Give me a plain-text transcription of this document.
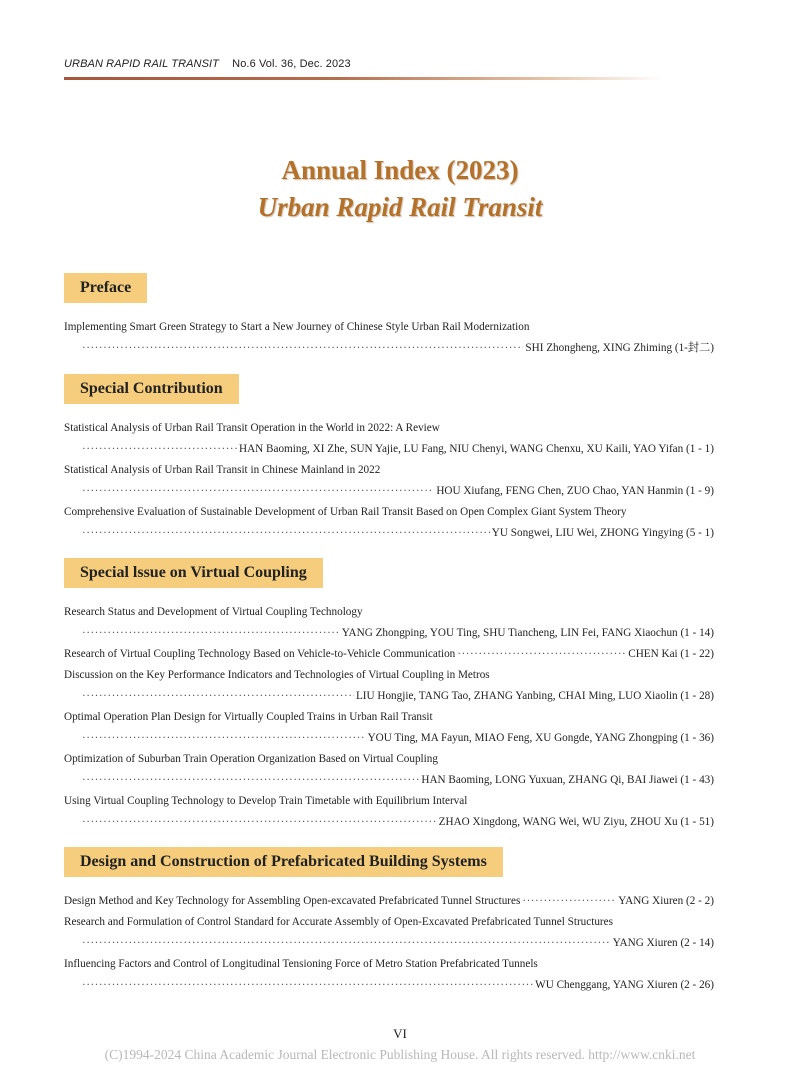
URBAN RAPID RAIL TRANSIT No.6 Vol. 36, Dec. 2023
Annual Index (2023)
Urban Rapid Rail Transit
Preface
Implementing Smart Green Strategy to Start a New Journey of Chinese Style Urban Rail Modernization
·····
SHI Zhongheng, XING Zhiming (1-封二)
Special Contribution
Statistical Analysis of Urban Rail Transit Operation in the World in 2022: A Review
·····
HAN Baoming, XI Zhe, SUN Yajie, LU Fang, NIU Chenyi, WANG Chenxu, XU Kaili, YAO Yifan (1 - 1)
Statistical Analysis of Urban Rail Transit in Chinese Mainland in 2022
·····
HOU Xiufang, FENG Chen, ZUO Chao, YAN Hanmin (1 - 9)
Comprehensive Evaluation of Sustainable Development of Urban Rail Transit Based on Open Complex Giant System Theory
·····
YU Songwei, LIU Wei, ZHONG Yingying (5 - 1)
Special lssue on Virtual Coupling
Research Status and Development of Virtual Coupling Technology
·····
YANG Zhongping, YOU Ting, SHU Tiancheng, LIN Fei, FANG Xiaochun (1 - 14)
Research of Virtual Coupling Technology Based on Vehicle-to-Vehicle Communication ·····	CHEN Kai (1 - 22)
Discussion on the Key Performance Indicators and Technologies of Virtual Coupling in Metros
·····
LIU Hongjie, TANG Tao, ZHANG Yanbing, CHAI Ming, LUO Xiaolin (1 - 28)
Optimal Operation Plan Design for Virtually Coupled Trains in Urban Rail Transit
·····
YOU Ting, MA Fayun, MIAO Feng, XU Gongde, YANG Zhongping (1 - 36)
Optimization of Suburban Train Operation Organization Based on Virtual Coupling
·····
HAN Baoming, LONG Yuxuan, ZHANG Qi, BAI Jiawei (1 - 43)
Using Virtual Coupling Technology to Develop Train Timetable with Equilibrium Interval
·····
ZHAO Xingdong, WANG Wei, WU Ziyu, ZHOU Xu (1 - 51)
Design and Construction of Prefabricated Building Systems
Design Method and Key Technology for Assembling Open-excavated Prefabricated Tunnel Structures ·····	YANG Xiuren (2 - 2)
Research and Formulation of Control Standard for Accurate Assembly of Open-Excavated Prefabricated Tunnel Structures
·····
YANG Xiuren (2 - 14)
Influencing Factors and Control of Longitudinal Tensioning Force of Metro Station Prefabricated Tunnels
·····
WU Chenggang, YANG Xiuren (2 - 26)
VI
(C)1994-2024 China Academic Journal Electronic Publishing House. All rights reserved. http://www.cnki.net
